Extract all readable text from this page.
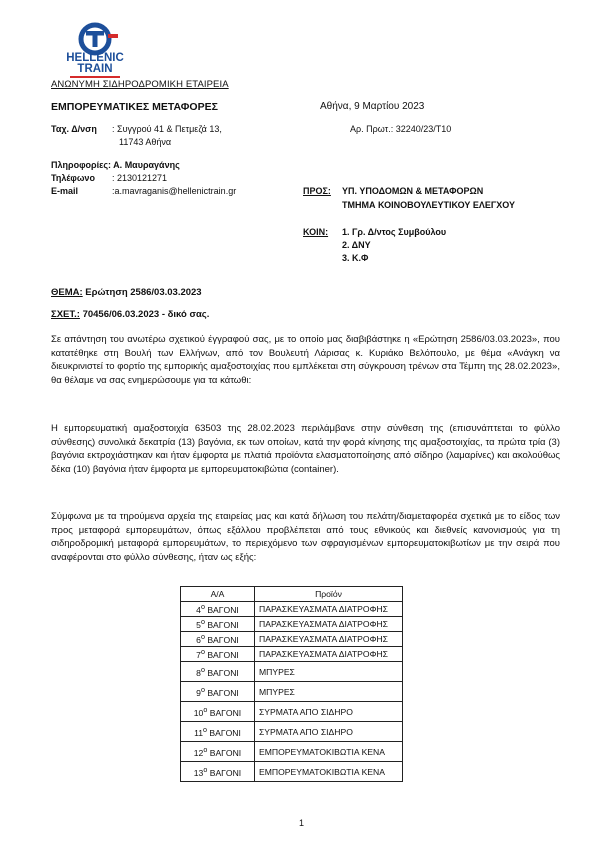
HELLENIC
TRAIN
ΑΝΩΝΥΜΗ ΣΙΔΗΡΟΔΡΟΜΙΚΗ ΕΤΑΙΡΕΙΑ
ΕΜΠΟΡΕΥΜΑΤΙΚΕΣ ΜΕΤΑΦΟΡΕΣ	Αθήνα, 9 Μαρτίου 2023
Ταχ. Δ/νση : Συγγρού 41 & Πετμεζά 13,
11743 Αθήνα
Αρ. Πρωτ.: 32240/23/Τ10
Πληροφορίες: Α. Μαυραγάνης
Τηλέφωνο : 2130121271
E-mail	:a.mavraganis@hellenictrain.gr	ΠΡΟΣ: ΥΠ. ΥΠΟΔΟΜΩΝ & ΜΕΤΑΦΟΡΩΝ
ΤΜΗΜΑ ΚΟΙΝΟΒΟΥΛΕΥΤΙΚΟΥ ΕΛΕΓΧΟΥ
ΚΟΙΝ: 1. Γρ. Δ/ντος Συμβούλου
2. ΔΝΥ
3. Κ.Φ
ΘΕΜΑ: Ερώτηση 2586/03.03.2023
ΣΧΕΤ.: 70456/06.03.2023 - δικό σας.
Σε απάντηση του ανωτέρω σχετικού έγγραφού σας, με το οποίο μας διαβιβάστηκε η «Ερώτηση 2586/03.03.2023», που κατατέθηκε στη Βουλή των Ελλήνων, από τον Βουλευτή Λάρισας κ. Κυριάκο Βελόπουλο, με θέμα «Ανάγκη να διευκρινιστεί το φορτίο της εμπορικής αμαξοστοιχίας που εμπλέκεται στη σύγκρουση τρένων στα Τέμπη της 28.02.2023», θα θέλαμε να σας ενημερώσουμε για τα κάτωθι:
Η εμπορευματική αμαξοστοιχία 63503 της 28.02.2023 περιλάμβανε στην σύνθεση της (επισυνάπτεται το φύλλο σύνθεσης) συνολικά δεκατρία (13) βαγόνια, εκ των οποίων, κατά την φορά κίνησης της αμαξοστοιχίας, τα πρώτα τρία (3) βαγόνια εκτροχιάστηκαν και ήταν έμφορτα με πλατιά προϊόντα ελασματοποίησης από σίδηρο (λαμαρίνες) και ακολούθως δέκα (10) βαγόνια ήταν έμφορτα με εμπορευματοκιβώτια (container).
Σύμφωνα με τα τηρούμενα αρχεία της εταιρείας μας και κατά δήλωση του πελάτη/διαμεταφορέα σχετικά με το είδος των προς μεταφορά εμπορευμάτων, όπως εξάλλου προβλέπεται από τους εθνικούς και διεθνείς κανονισμούς για τη σιδηροδρομική μεταφορά εμπορευμάτων, το περιεχόμενο των σφραγισμένων εμπορευματοκιβωτίων με την σειρά που αναφέρονται στο φύλλο σύνθεσης, ήταν ως εξής:
Α/Α	Προϊόν
$4^o$ ΒΑΓΟΝΙ	ΠΑΡΑΣΚΕΥΑΣΜΑΤΑ ΔΙΑΤΡΟΦΗΣ
$5^o$ ΒΑΓΟΝΙ	ΠΑΡΑΣΚΕΥΑΣΜΑΤΑ ΔΙΑΤΡΟΦΗΣ
$6^o$ ΒΑΓΟΝΙ	ΠΑΡΑΣΚΕΥΑΣΜΑΤΑ ΔΙΑΤΡΟΦΗΣ
$7^o$ ΒΑΓΟΝΙ	ΠΑΡΑΣΚΕΥΑΣΜΑΤΑ ΔΙΑΤΡΟΦΗΣ
$8^o$ ΒΑΓΟΝΙ	ΜΠΥΡΕΣ
$9^o$ ΒΑΓΟΝΙ	ΜΠΥΡΕΣ
$10^o$ ΒΑΓΟΝΙ	ΣΥΡΜΑΤΑ ΑΠΟ ΣΙΔΗΡΟ
$11^o$ ΒΑΓΟΝΙ	ΣΥΡΜΑΤΑ ΑΠΟ ΣΙΔΗΡΟ
$12^o$ ΒΑΓΟΝΙ	ΕΜΠΟΡΕΥΜΑΤΟΚΙΒΩΤΙΑ ΚΕΝΑ
$13^o$ ΒΑΓΟΝΙ	ΕΜΠΟΡΕΥΜΑΤΟΚΙΒΩΤΙΑ ΚΕΝΑ
1
